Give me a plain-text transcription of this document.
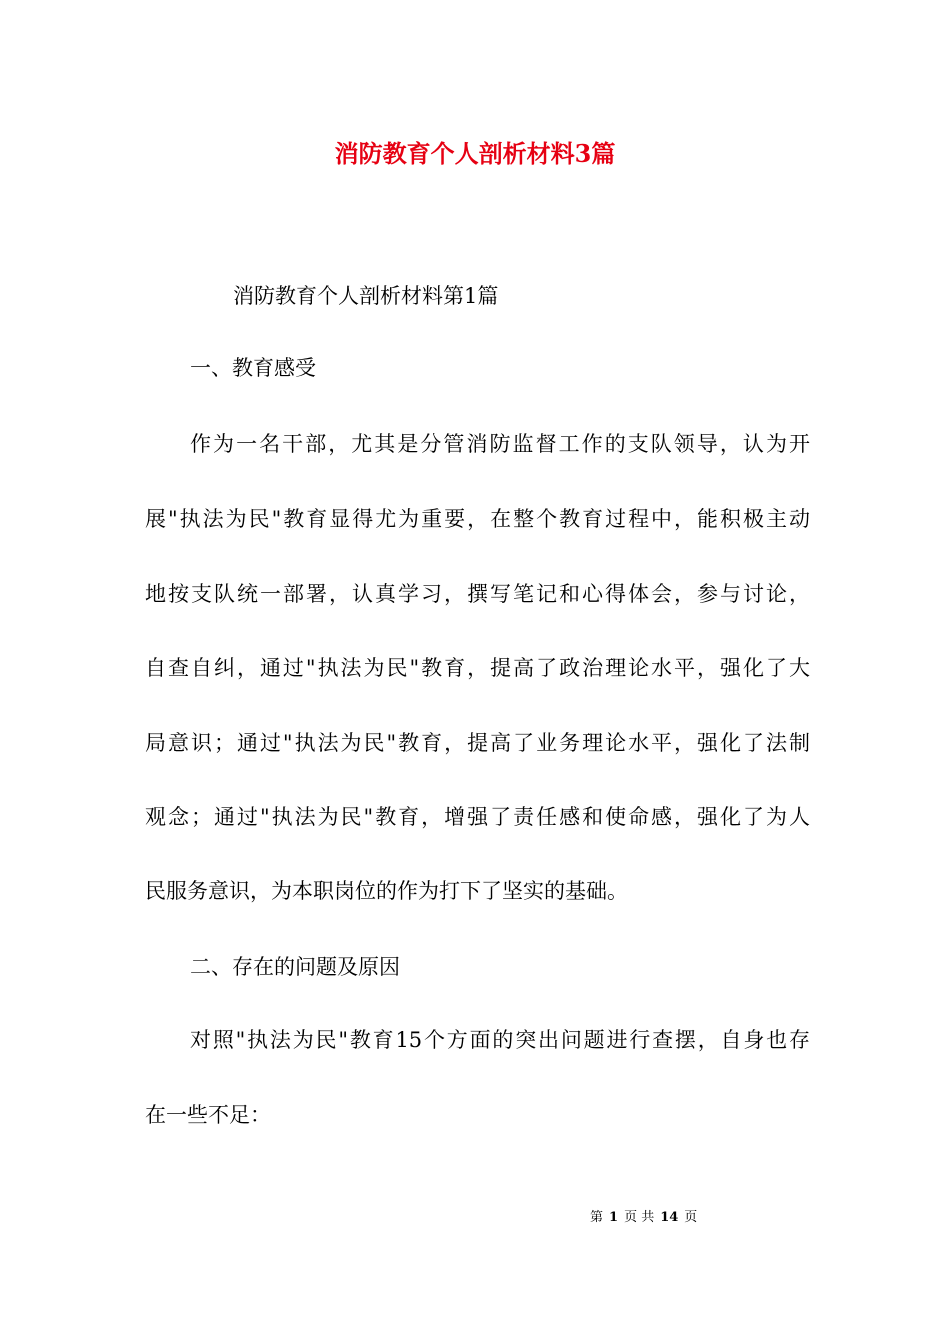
消防教育个人剖析材料3篇

消防教育个人剖析材料第1篇

一、教育感受

作为一名干部，尤其是分管消防监督工作的支队领导，认为开

展"执法为民"教育显得尤为重要，在整个教育过程中，能积极主动

地按支队统一部署，认真学习，撰写笔记和心得体会，参与讨论，

自查自纠，通过"执法为民"教育，提高了政治理论水平，强化了大

局意识；通过"执法为民"教育，提高了业务理论水平，强化了法制

观念；通过"执法为民"教育，增强了责任感和使命感，强化了为人

民服务意识，为本职岗位的作为打下了坚实的基础。

二、存在的问题及原因

对照"执法为民"教育15个方面的突出问题进行查摆，自身也存

在一些不足：

第 1 页 共 14 页
